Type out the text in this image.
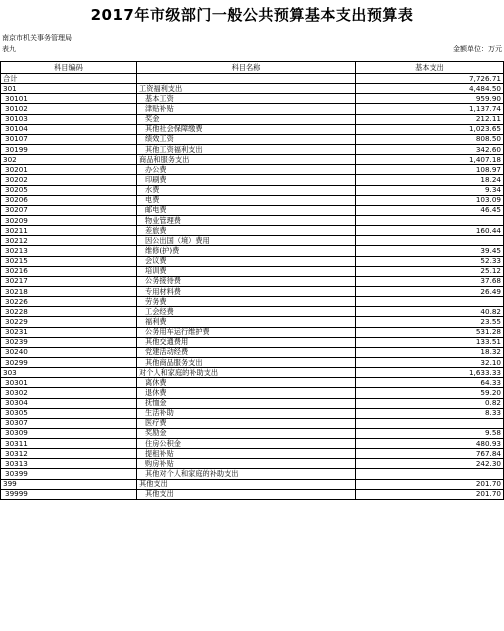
2017年市级部门一般公共预算基本支出预算表
南京市机关事务管理局
表九	金额单位：万元
科目编码	科目名称	基本支出
合计		7,726.71
301	工资福利支出	4,484.50
30101	基本工资	959.90
30102	津贴补贴	1,137.74
30103	奖金	212.11
30104	其他社会保障缴费	1,023.65
30107	绩效工资	808.50
30199	其他工资福利支出	342.60
302	商品和服务支出	1,407.18
30201	办公费	108.97
30202	印刷费	18.24
30205	水费	9.34
30206	电费	103.09
30207	邮电费	46.45
30209	物业管理费	
30211	差旅费	160.44
30212	因公出国（境）费用	
30213	维修(护)费	39.45
30215	会议费	52.33
30216	培训费	25.12
30217	公务接待费	37.68
30218	专用材料费	26.49
30226	劳务费	
30228	工会经费	40.82
30229	福利费	23.55
30231	公务用车运行维护费	531.28
30239	其他交通费用	133.51
30240	党建活动经费	18.32
30299	其他商品服务支出	32.10
303	对个人和家庭的补助支出	1,633.33
30301	离休费	64.33
30302	退休费	59.20
30304	抚恤金	0.82
30305	生活补助	8.33
30307	医疗费	
30309	奖励金	9.58
30311	住房公积金	480.93
30312	提租补贴	767.84
30313	购房补贴	242.30
30399	其他对个人和家庭的补助支出	
399	其他支出	201.70
39999	其他支出	201.70
